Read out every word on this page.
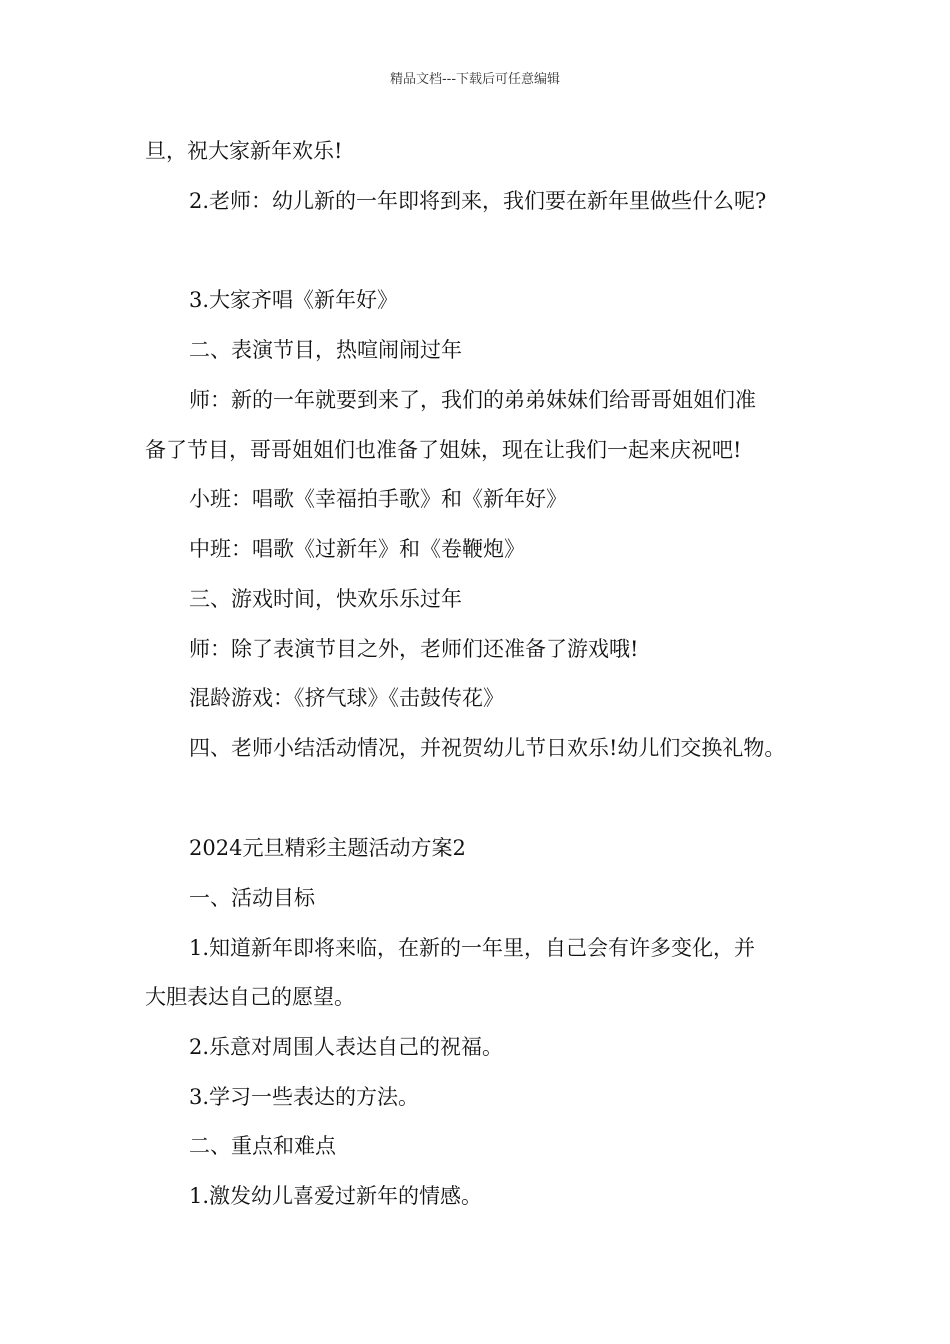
精品文档---下载后可任意编辑
旦，祝大家新年欢乐!
2.老师：幼儿新的一年即将到来，我们要在新年里做些什么呢?
3.大家齐唱《新年好》
二、表演节目，热喧闹闹过年
师：新的一年就要到来了，我们的弟弟妹妹们给哥哥姐姐们准
备了节目，哥哥姐姐们也准备了姐妹，现在让我们一起来庆祝吧!
小班：唱歌《幸福拍手歌》和《新年好》
中班：唱歌《过新年》和《卷鞭炮》
三、游戏时间，快欢乐乐过年
师：除了表演节目之外，老师们还准备了游戏哦!
混龄游戏：《挤气球》《击鼓传花》
四、老师小结活动情况，并祝贺幼儿节日欢乐!幼儿们交换礼物。
2024元旦精彩主题活动方案2
一、活动目标
1.知道新年即将来临，在新的一年里，自己会有许多变化，并
大胆表达自己的愿望。
2.乐意对周围人表达自己的祝福。
3.学习一些表达的方法。
二、重点和难点
1.激发幼儿喜爱过新年的情感。
